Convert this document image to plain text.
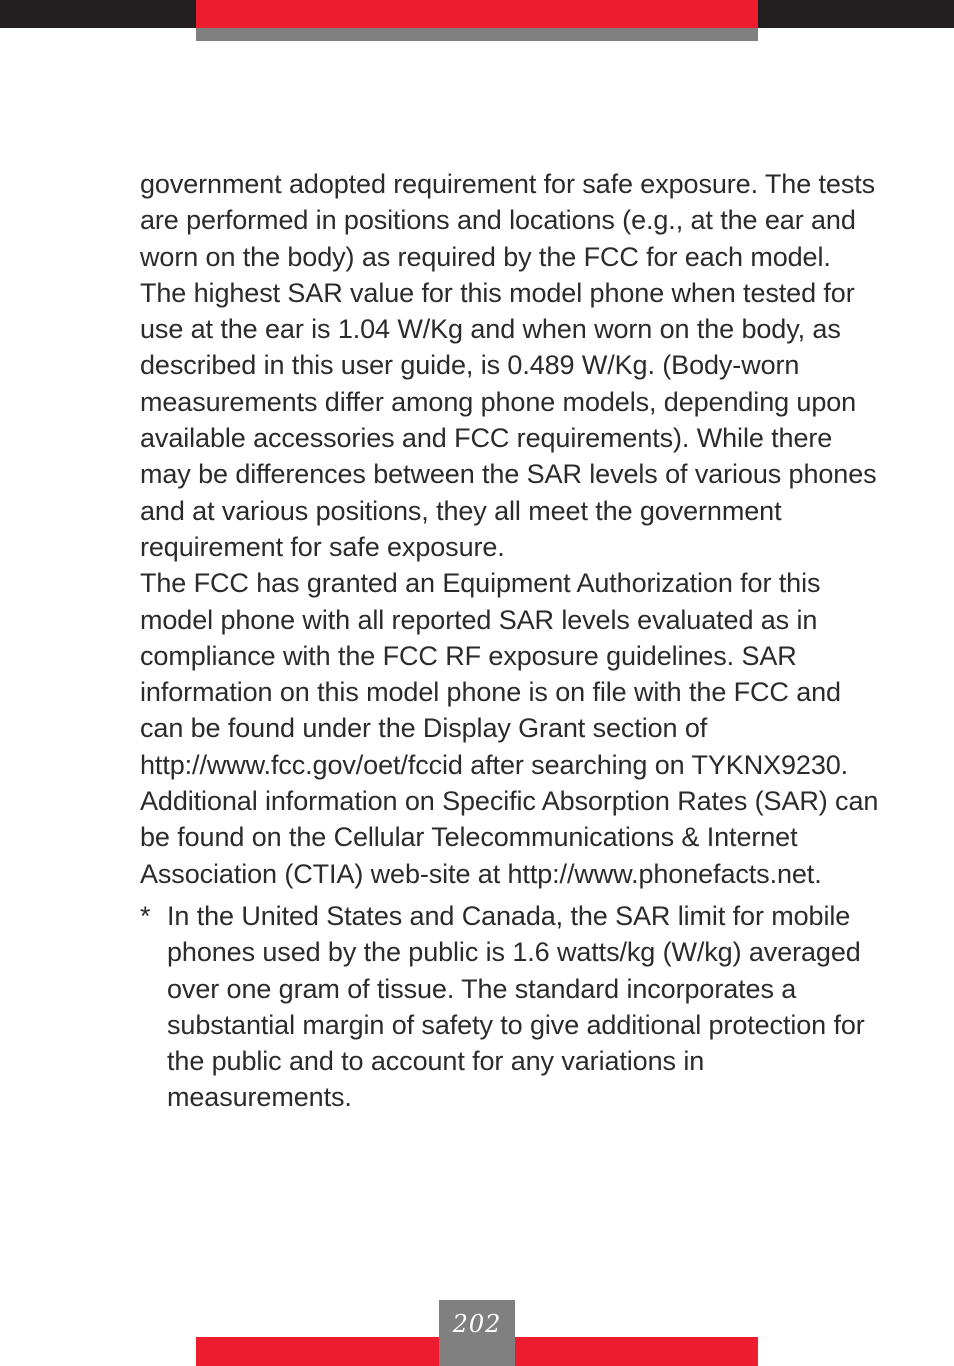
government adopted requirement for safe exposure. The tests are performed in positions and locations (e.g., at the ear and worn on the body) as required by the FCC for each model.

The highest SAR value for this model phone when tested for use at the ear is 1.04 W/Kg and when worn on the body, as described in this user guide, is 0.489 W/Kg. (Body-worn measurements differ among phone models, depending upon available accessories and FCC requirements). While there may be differences between the SAR levels of various phones and at various positions, they all meet the government requirement for safe exposure.

The FCC has granted an Equipment Authorization for this model phone with all reported SAR levels evaluated as in compliance with the FCC RF exposure guidelines. SAR information on this model phone is on file with the FCC and can be found under the Display Grant section of http://www.fcc.gov/oet/fccid after searching on TYKNX9230.

Additional information on Specific Absorption Rates (SAR) can be found on the Cellular Telecommunications & Internet Association (CTIA) web-site at http://www.phonefacts.net.

* In the United States and Canada, the SAR limit for mobile phones used by the public is 1.6 watts/kg (W/kg) averaged over one gram of tissue. The standard incorporates a substantial margin of safety to give additional protection for the public and to account for any variations in measurements.
202
